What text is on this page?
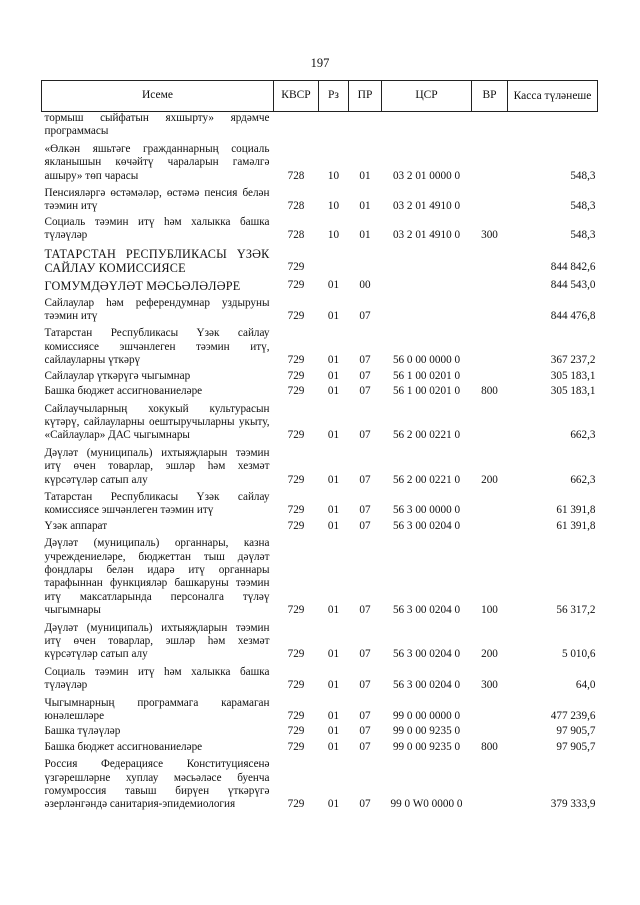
197
Исеме	КВСР	Рз	ПР	ЦСР	ВР	Касса түләнеше
тормыш сыйфатын яхшырту» ярдәмче программасы						
«Өлкән яшьтәге гражданнарның социаль якланышын көчәйтү чараларын гамәлгә ашыру» төп чарасы	728	10	01	03 2 01 0000 0		548,3
Пенсияләргә өстәмәләр, өстәмә пенсия белән тәэмин итү	728	10	01	03 2 01 4910 0		548,3
Социаль тәэмин итү һәм халыкка башка түләүләр	728	10	01	03 2 01 4910 0	300	548,3
ТАТАРСТАН РЕСПУБЛИКАСЫ ҮЗӘК САЙЛАУ КОМИССИЯСЕ	729					844 842,6
ГОМУМДӘҮЛӘТ МӘСЬӘЛӘЛӘРЕ	729	01	00			844 543,0
Сайлаулар һәм референдумнар уздыруны тәэмин итү	729	01	07			844 476,8
Татарстан Республикасы Үзәк сайлау комиссиясе эшчәнлеген тәэмин итү, сайлауларны үткәрү	729	01	07	56 0 00 0000 0		367 237,2
Сайлаулар үткәрүгә чыгымнар	729	01	07	56 1 00 0201 0		305 183,1
Башка бюджет ассигнованиеләре	729	01	07	56 1 00 0201 0	800	305 183,1
Сайлаучыларның хокукый культурасын күтәрү, сайлауларны оештыручыларны укыту, «Сайлаулар» ДАС чыгымнары	729	01	07	56 2 00 0221 0		662,3
Дәүләт (муниципаль) ихтыяҗларын тәэмин итү өчен товарлар, эшләр һәм хезмәт күрсәтүләр сатып алу	729	01	07	56 2 00 0221 0	200	662,3
Татарстан Республикасы Үзәк сайлау комиссиясе эшчәнлеген тәэмин итү	729	01	07	56 3 00 0000 0		61 391,8
Үзәк аппарат	729	01	07	56 3 00 0204 0		61 391,8
Дәүләт (муниципаль) органнары, казна учреждениеләре, бюджеттан тыш дәүләт фондлары белән идарә итү органнары тарафыннан функцияләр башкаруны тәэмин итү максатларында персоналга түләү чыгымнары	729	01	07	56 3 00 0204 0	100	56 317,2
Дәүләт (муниципаль) ихтыяҗларын тәэмин итү өчен товарлар, эшләр һәм хезмәт күрсәтүләр сатып алу	729	01	07	56 3 00 0204 0	200	5 010,6
Социаль тәэмин итү һәм халыкка башка түләүләр	729	01	07	56 3 00 0204 0	300	64,0
Чыгымнарның программага карамаган юнәлешләре	729	01	07	99 0 00 0000 0		477 239,6
Башка түләүләр	729	01	07	99 0 00 9235 0		97 905,7
Башка бюджет ассигнованиеләре	729	01	07	99 0 00 9235 0	800	97 905,7
Россия Федерациясе Конституциясенә үзгәрешләрне хуплау мәсьәләсе буенча гомумроссия тавыш бирүен үткәрүгә әзерләнгәндә санитария-эпидемиология	729	01	07	99 0 W0 0000 0		379 333,9
